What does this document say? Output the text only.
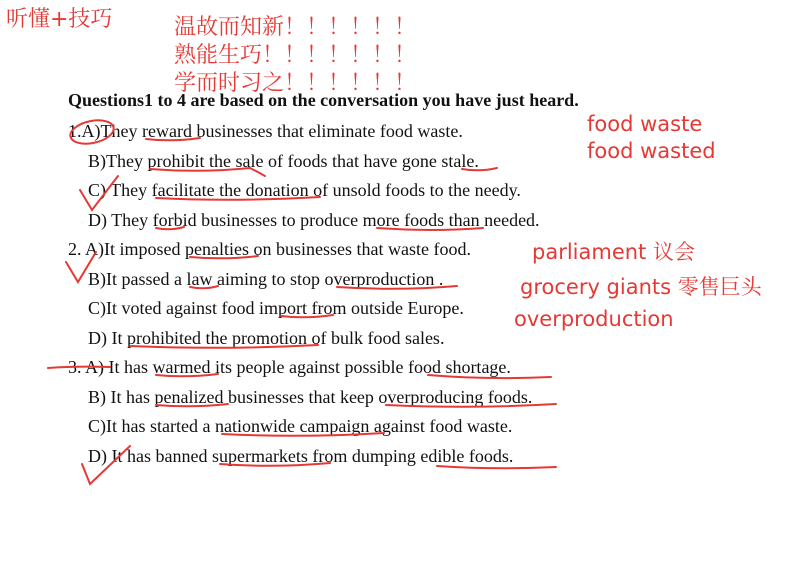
听懂+技巧	温故而知新！！！！！！
熟能生巧！！！！！！！
学而时习之！！！！！！
Questions1 to 4 are based on the conversation you have just heard.
1.A)They reward businesses that eliminate food waste.
B)They prohibit the sale of foods that have gone stale.
C) They facilitate the donation of unsold foods to the needy.
D) They forbid businesses to produce more foods than needed.
2. A)It imposed penalties on businesses that waste food.
B)It passed a law aiming to stop overproduction .
C)It voted against food import from outside Europe.
D) It prohibited the promotion of bulk food sales.
3. A) It has warmed its people against possible food shortage.
B) It has penalized businesses that keep overproducing foods.
C)It has started a nationwide campaign against food waste.
D) It has banned supermarkets from dumping edible foods.
food waste
food wasted
parliament 议会
grocery giants 零售巨头
overproduction
